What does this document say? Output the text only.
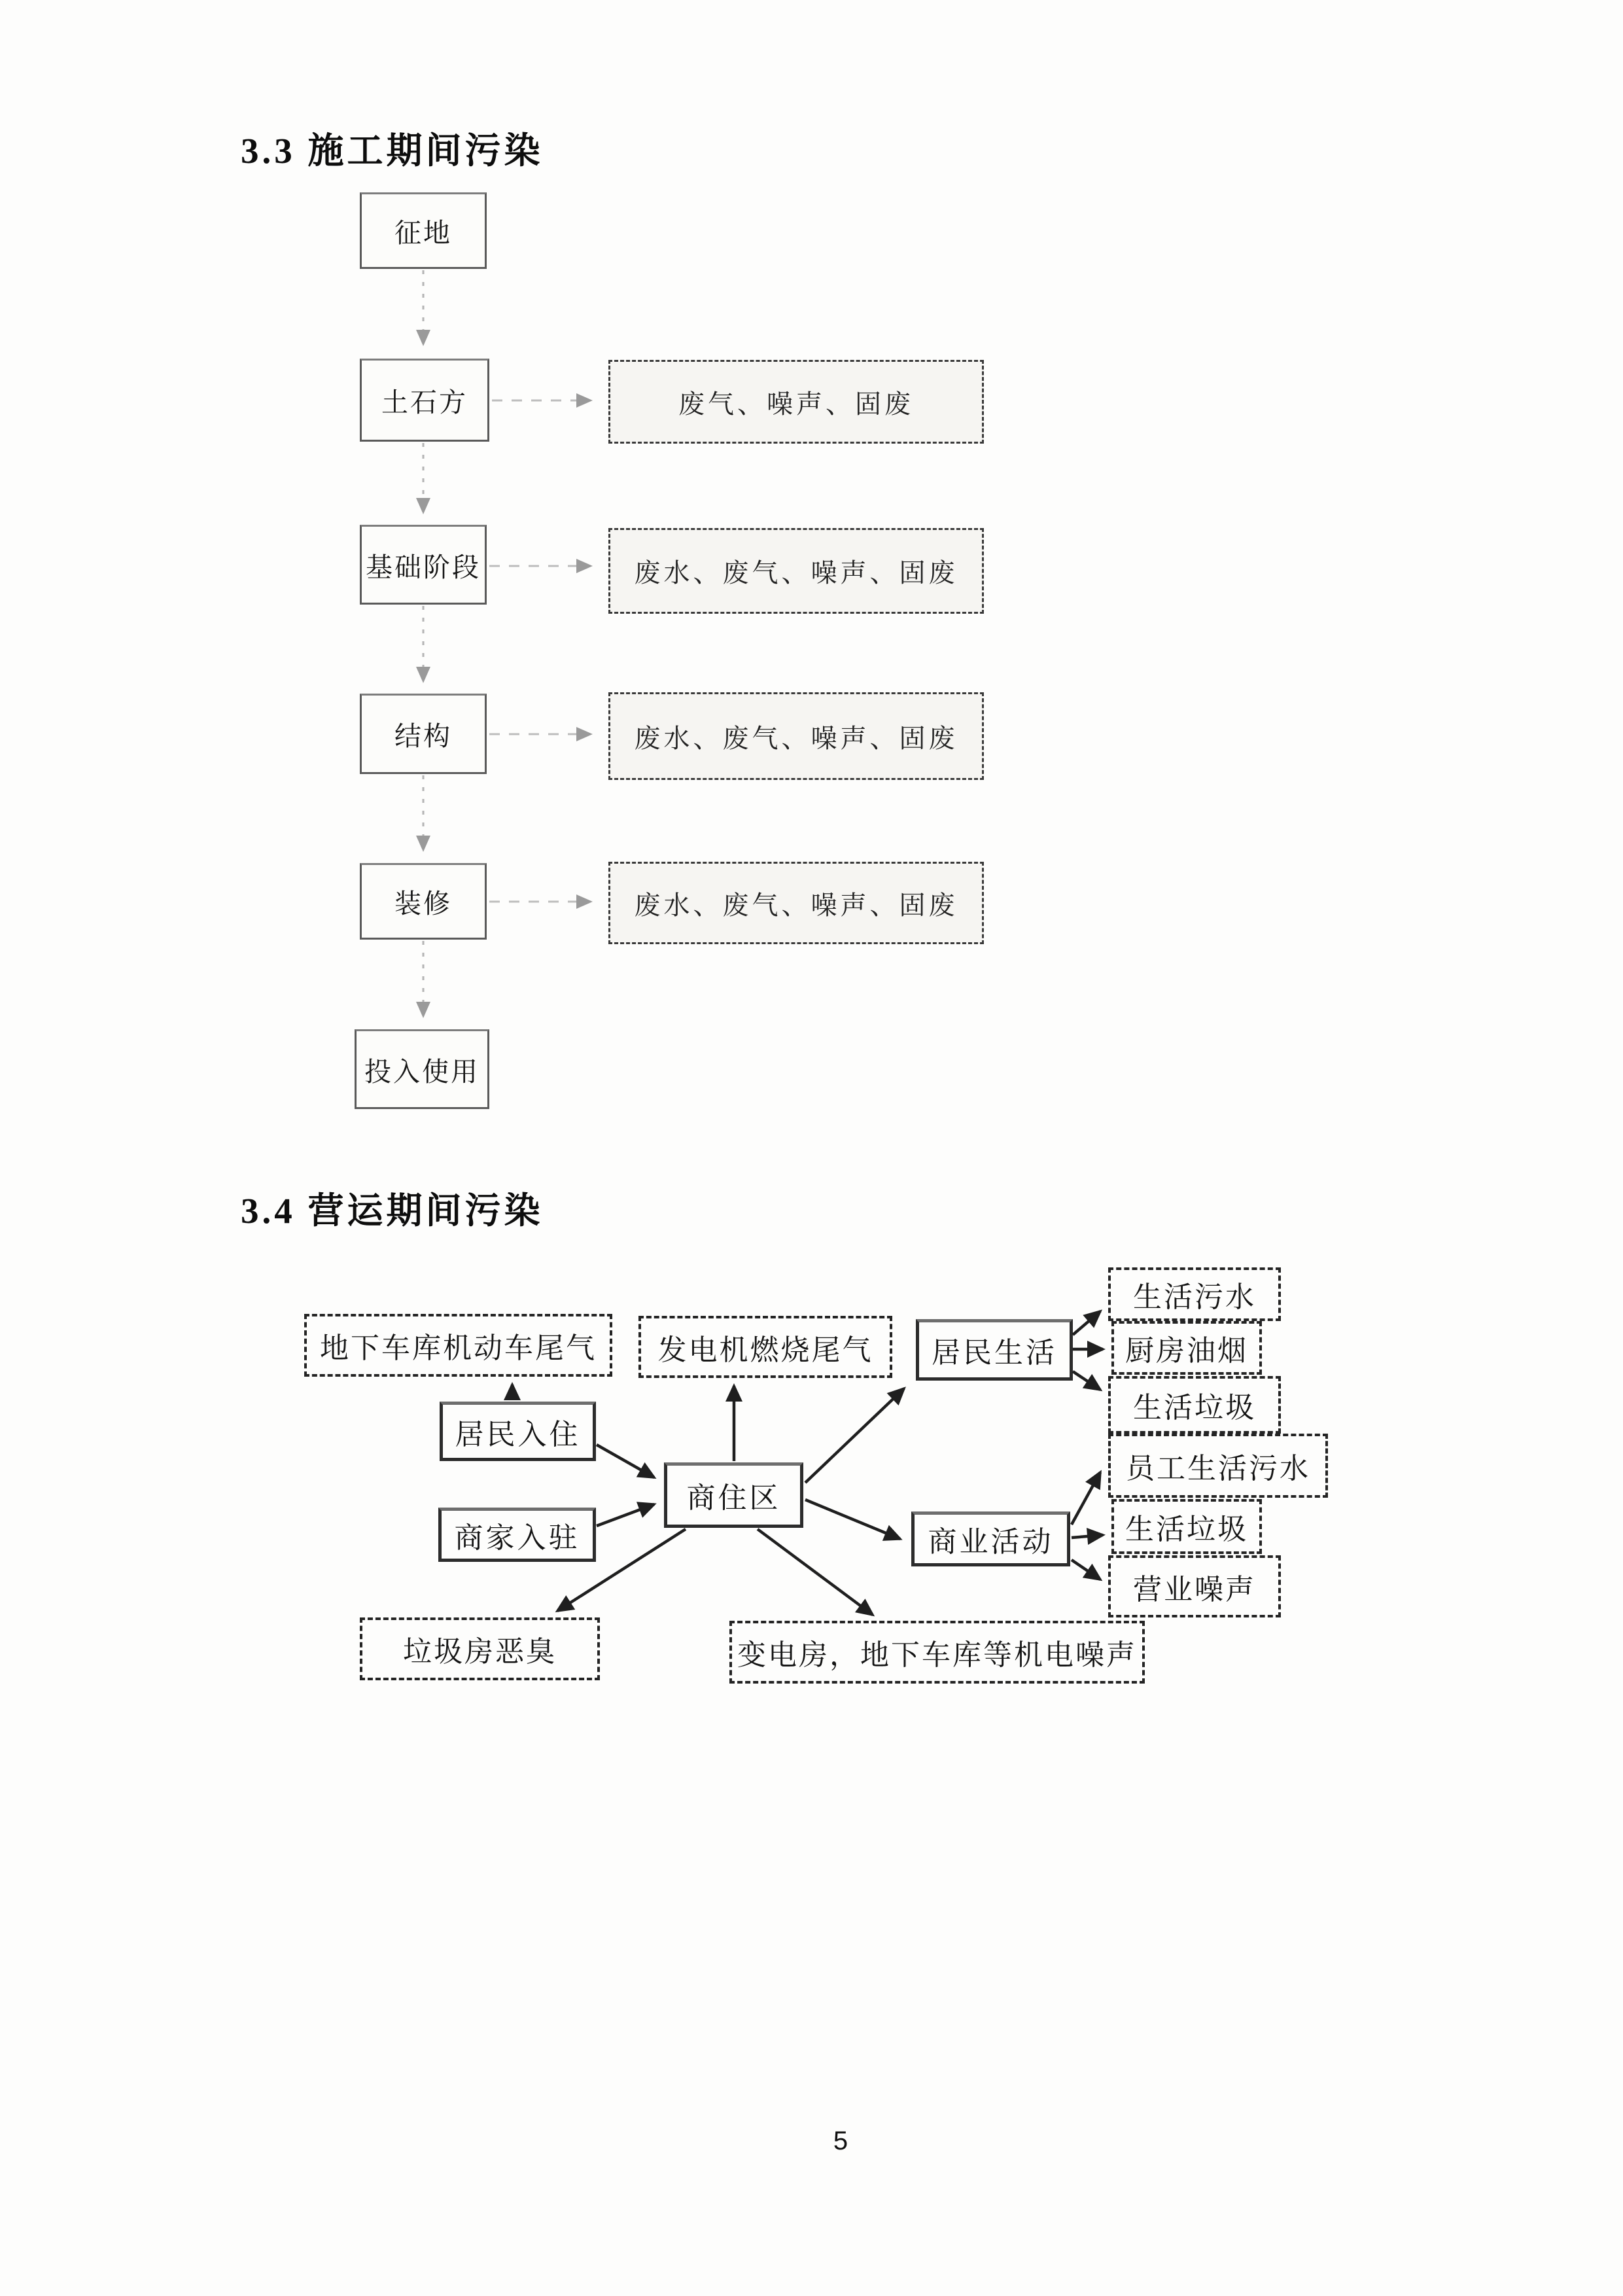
3.3 施工期间污染
征地
土石方
基础阶段
结构
装修
投入使用
废气、噪声、固废
废水、废气、噪声、固废
废水、废气、噪声、固废
废水、废气、噪声、固废
3.4 营运期间污染
地下车库机动车尾气	发电机燃烧尾气	居民生活
居民入住
商家入驻
商住区
商业活动
生活污水
厨房油烟
生活垃圾
员工生活污水
生活垃圾
营业噪声
垃圾房恶臭	变电房，地下车库等机电噪声
5
